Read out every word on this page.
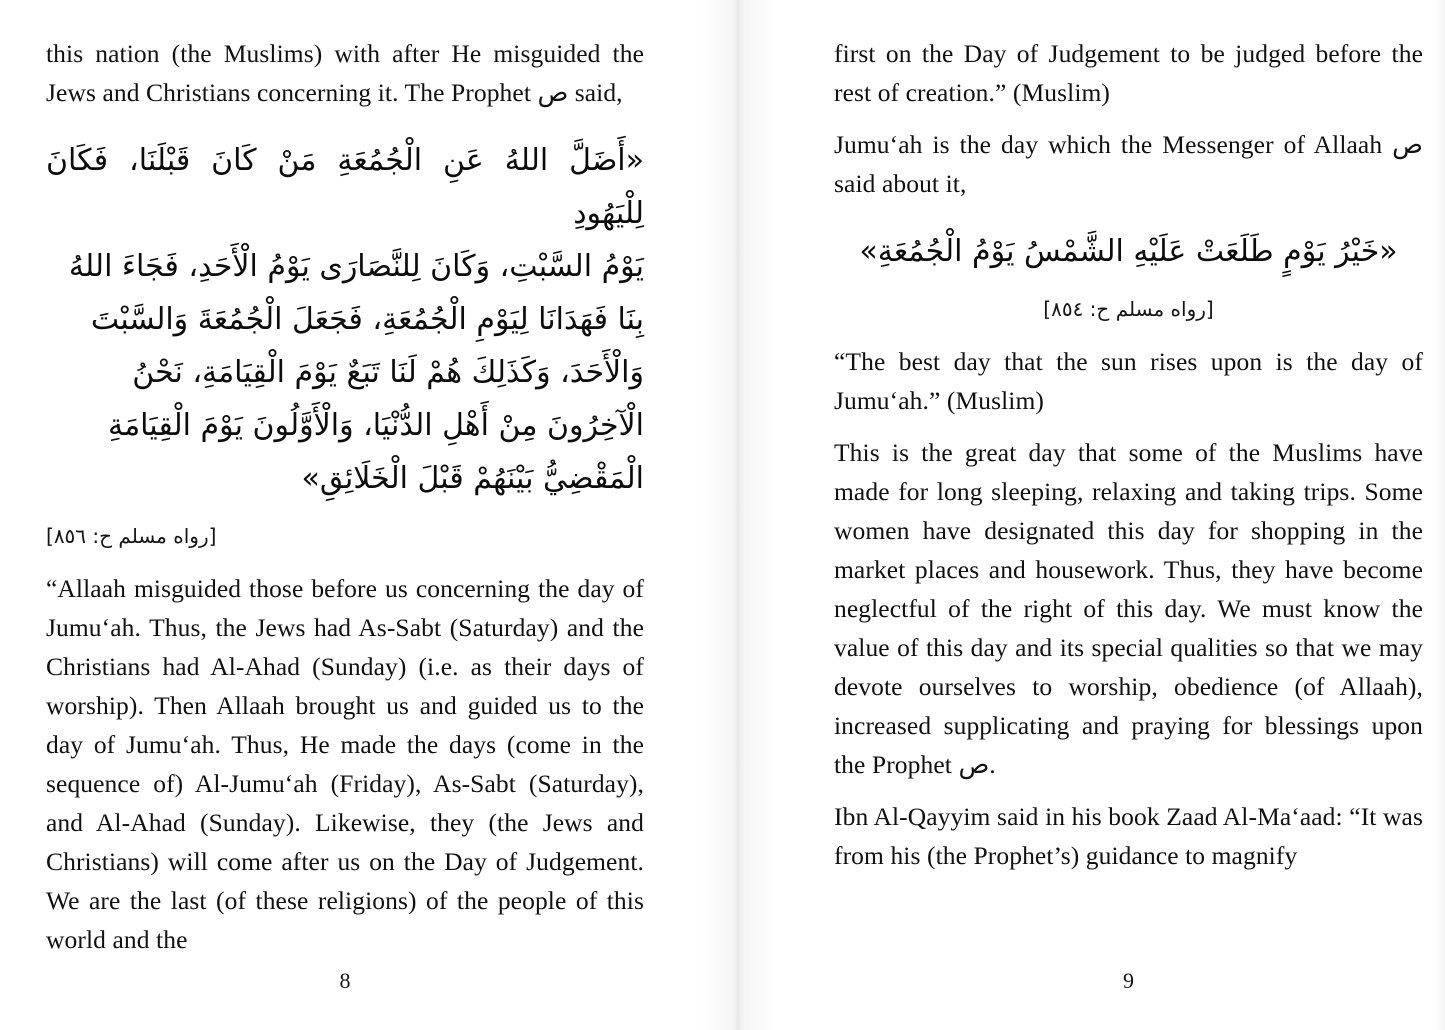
this nation (the Muslims) with after He misguided the Jews and Christians concerning it. The Prophet ص said,

«أَضَلَّ اللهُ عَنِ الْجُمُعَةِ مَنْ كَانَ قَبْلَنَا، فَكَانَ لِلْيَهُودِ
يَوْمُ السَّبْتِ، وَكَانَ لِلنَّصَارَى يَوْمُ الْأَحَدِ، فَجَاءَ اللهُ
بِنَا فَهَدَانَا لِيَوْمِ الْجُمُعَةِ، فَجَعَلَ الْجُمُعَةَ وَالسَّبْتَ
وَالْأَحَدَ، وَكَذَلِكَ هُمْ لَنَا تَبَعٌ يَوْمَ الْقِيَامَةِ، نَحْنُ
الْآخِرُونَ مِنْ أَهْلِ الدُّنْيَا، وَالْأَوَّلُونَ يَوْمَ الْقِيَامَةِ
الْمَقْضِيُّ بَيْنَهُمْ قَبْلَ الْخَلَائِقِ»
[رواه مسلم ح: ٨٥٦]

“Allaah misguided those before us concerning the day of Jumu‘ah. Thus, the Jews had As-Sabt (Saturday) and the Christians had Al-Ahad (Sunday) (i.e. as their days of worship). Then Allaah brought us and guided us to the day of Jumu‘ah. Thus, He made the days (come in the sequence of) Al-Jumu‘ah (Friday), As-Sabt (Saturday), and Al-Ahad (Sunday). Likewise, they (the Jews and Christians) will come after us on the Day of Judgement. We are the last (of these religions) of the people of this world and the

8

first on the Day of Judgement to be judged before the rest of creation.” (Muslim)

Jumu‘ah is the day which the Messenger of Allaah ص said about it,

«خَيْرُ يَوْمٍ طَلَعَتْ عَلَيْهِ الشَّمْسُ يَوْمُ الْجُمُعَةِ»
[رواه مسلم ح: ٨٥٤]

“The best day that the sun rises upon is the day of Jumu‘ah.” (Muslim)

This is the great day that some of the Muslims have made for long sleeping, relaxing and taking trips. Some women have designated this day for shopping in the market places and housework. Thus, they have become neglectful of the right of this day. We must know the value of this day and its special qualities so that we may devote ourselves to worship, obedience (of Allaah), increased supplicating and praying for blessings upon the Prophet ص.

Ibn Al-Qayyim said in his book Zaad Al-Ma‘aad: “It was from his (the Prophet’s) guidance to magnify

9
